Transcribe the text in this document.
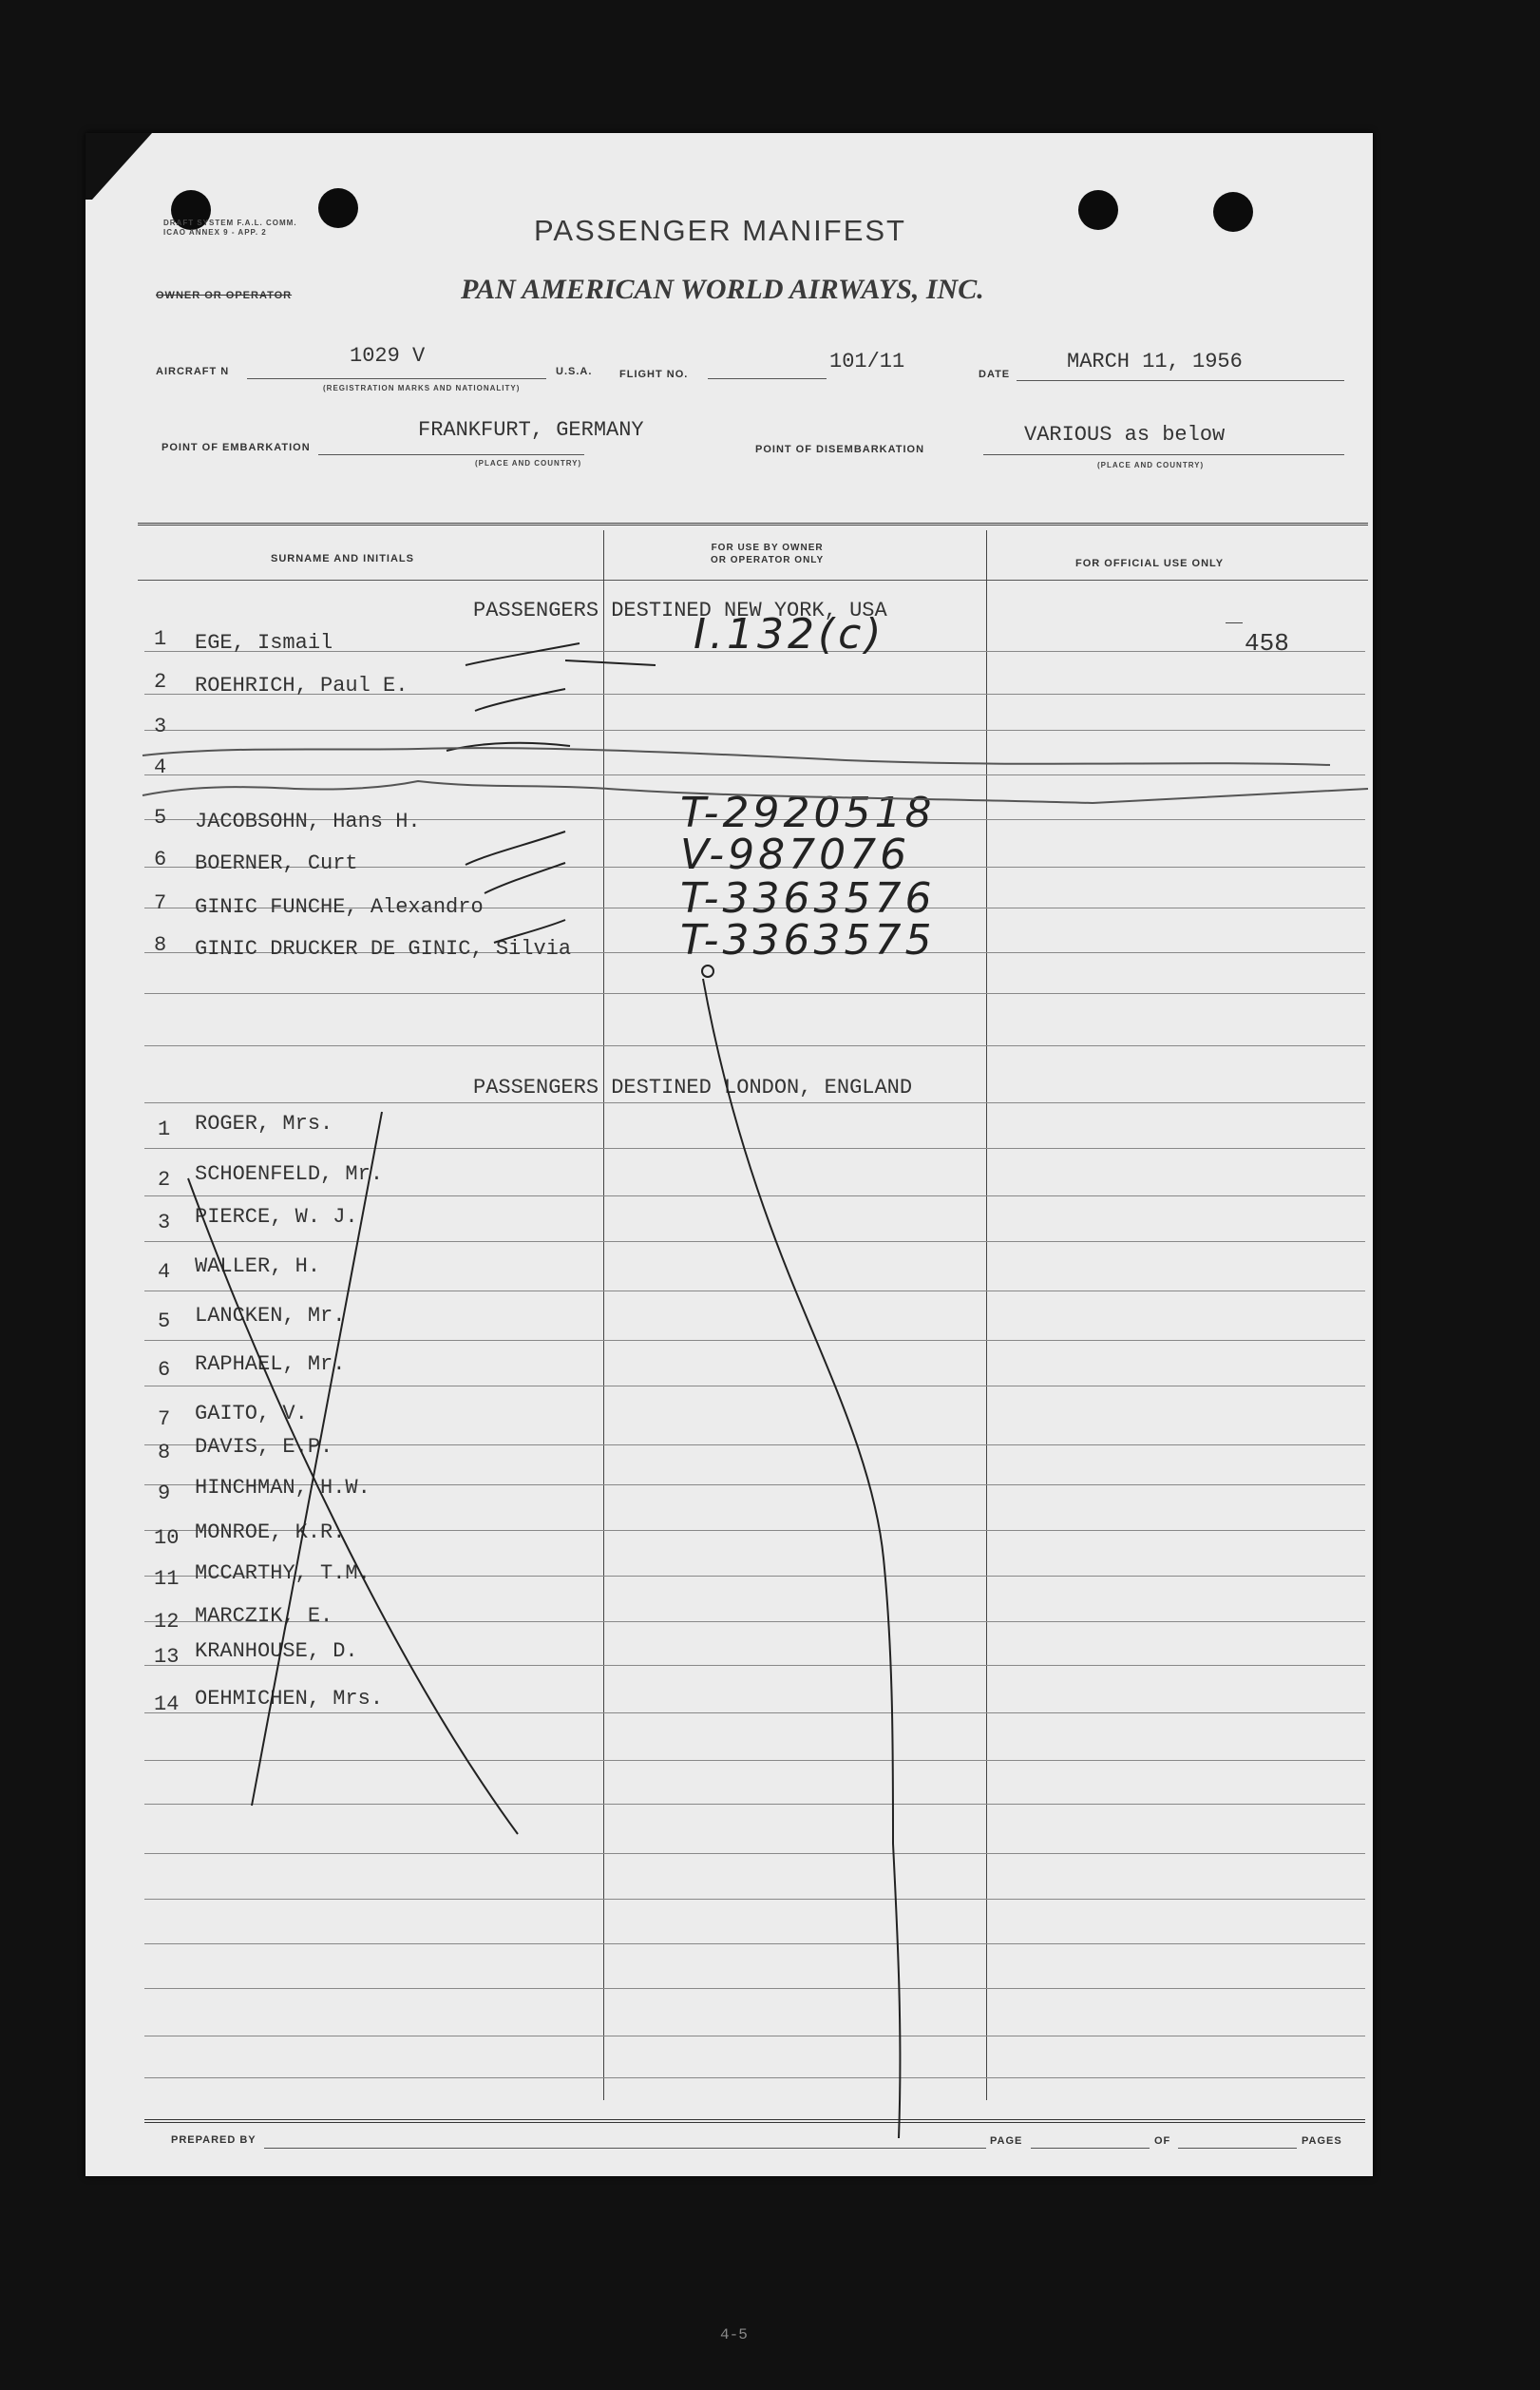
DRAFT SYSTEM F.A.L. COMM.
ICAO ANNEX 9 - APP. 2	PASSENGER MANIFEST
OWNER OR OPERATOR	PAN AMERICAN WORLD AIRWAYS, INC.
AIRCRAFT N
1029 V
(REGISTRATION MARKS AND NATIONALITY)
U.S.A.	FLIGHT NO.
101/11
DATE
MARCH 11, 1956
POINT OF EMBARKATION
FRANKFURT, GERMANY
(PLACE AND COUNTRY)
POINT OF DISEMBARKATION
VARIOUS as below
(PLACE AND COUNTRY)
SURNAME AND INITIALS
FOR USE BY OWNER
OR OPERATOR ONLY	FOR OFFICIAL USE ONLY
PASSENGERS DESTINED NEW YORK, USA
1 EGE, Ismail	I.132(c)	458
2 ROEHRICH, Paul E.
3
4
5 JACOBSOHN, Hans H.	T-2920518
6 BOERNER, Curt	V-987076
7 GINIC FUNCHE, Alexandro	T-3363576
8 GINIC DRUCKER DE GINIC, Silvia	T-3363575
PASSENGERS DESTINED LONDON, ENGLAND
1 ROGER, Mrs.
2 SCHOENFELD, Mr.
3 PIERCE, W. J.
4 WALLER, H.
5 LANCKEN, Mr.
6 RAPHAEL, Mr.
7 GAITO, V.
8 DAVIS, E.P.
9 HINCHMAN, H.W.
10 MONROE, K.R.
11 MCCARTHY, T.M.
12 MARCZIK, E.
13 KRANHOUSE, D.
14 OEHMICHEN, Mrs.
PREPARED BY	PAGE	OF	PAGES
4-5
